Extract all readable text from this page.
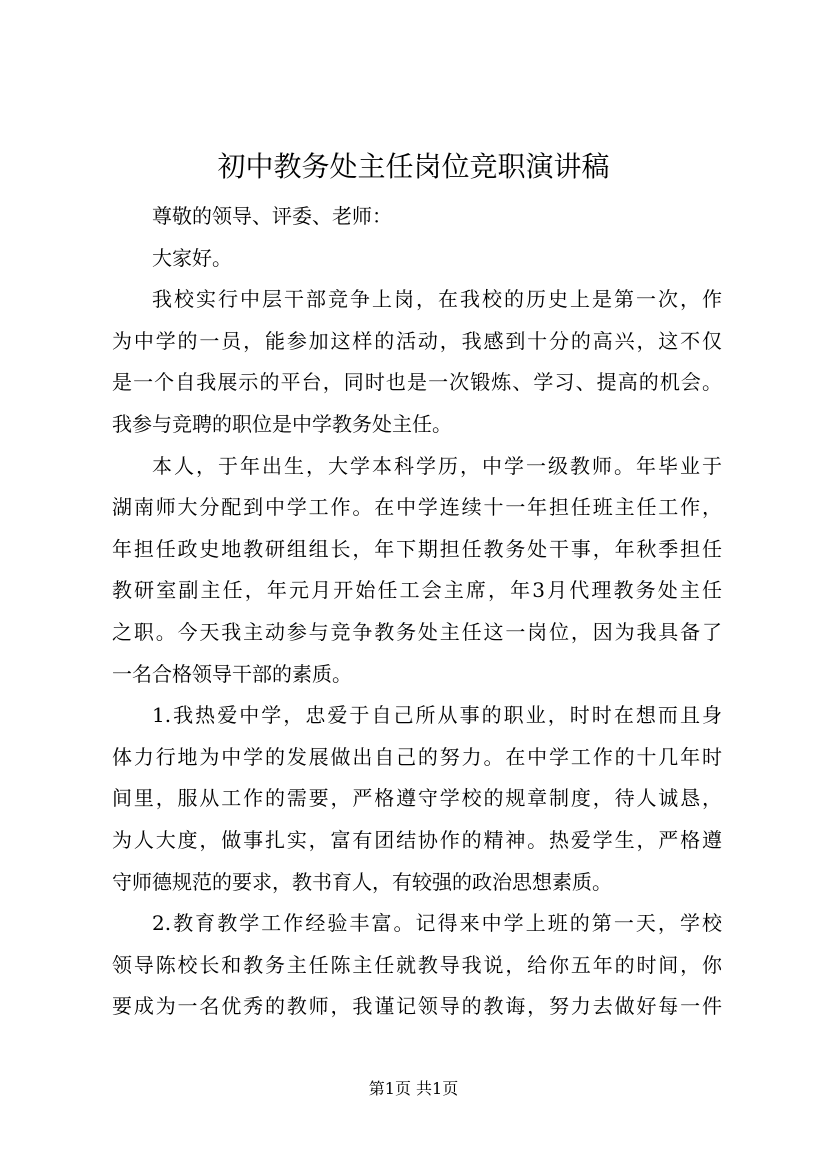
初中教务处主任岗位竞职演讲稿
尊敬的领导、评委、老师：
大家好。
我校实行中层干部竞争上岗，在我校的历史上是第一次，作
为中学的一员，能参加这样的活动，我感到十分的高兴，这不仅
是一个自我展示的平台，同时也是一次锻炼、学习、提高的机会。
我参与竞聘的职位是中学教务处主任。
本人，于年出生，大学本科学历，中学一级教师。年毕业于
湖南师大分配到中学工作。在中学连续十一年担任班主任工作，
年担任政史地教研组组长，年下期担任教务处干事，年秋季担任
教研室副主任，年元月开始任工会主席，年3月代理教务处主任
之职。今天我主动参与竞争教务处主任这一岗位，因为我具备了
一名合格领导干部的素质。
1.我热爱中学，忠爱于自己所从事的职业，时时在想而且身
体力行地为中学的发展做出自己的努力。在中学工作的十几年时
间里，服从工作的需要，严格遵守学校的规章制度，待人诚恳，
为人大度，做事扎实，富有团结协作的精神。热爱学生，严格遵
守师德规范的要求，教书育人，有较强的政治思想素质。
2.教育教学工作经验丰富。记得来中学上班的第一天，学校
领导陈校长和教务主任陈主任就教导我说，给你五年的时间，你
要成为一名优秀的教师，我谨记领导的教诲，努力去做好每一件
第1页 共1页
